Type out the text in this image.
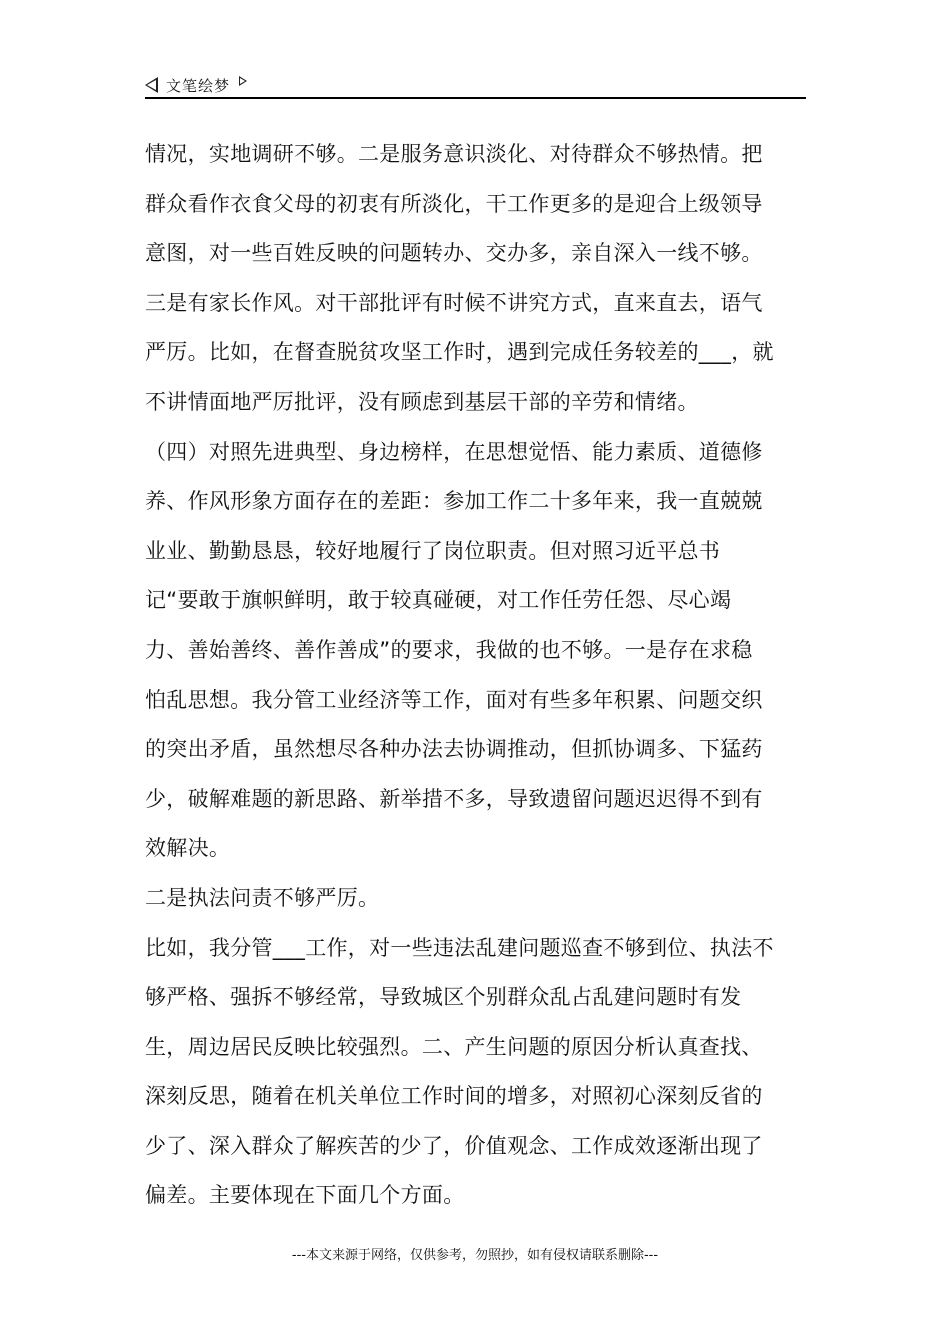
文笔绘梦
情况，实地调研不够。二是服务意识淡化、对待群众不够热情。把
群众看作衣食父母的初衷有所淡化，干工作更多的是迎合上级领导
意图，对一些百姓反映的问题转办、交办多，亲自深入一线不够。
三是有家长作风。对干部批评有时候不讲究方式，直来直去，语气
严厉。比如，在督查脱贫攻坚工作时，遇到完成任务较差的___，就
不讲情面地严厉批评，没有顾虑到基层干部的辛劳和情绪。
（四）对照先进典型、身边榜样，在思想觉悟、能力素质、道德修
养、作风形象方面存在的差距：参加工作二十多年来，我一直兢兢
业业、勤勤恳恳，较好地履行了岗位职责。但对照习近平总书
记“要敢于旗帜鲜明，敢于较真碰硬，对工作任劳任怨、尽心竭
力、善始善终、善作善成”的要求，我做的也不够。一是存在求稳
怕乱思想。我分管工业经济等工作，面对有些多年积累、问题交织
的突出矛盾，虽然想尽各种办法去协调推动，但抓协调多、下猛药
少，破解难题的新思路、新举措不多，导致遗留问题迟迟得不到有
效解决。
二是执法问责不够严厉。
比如，我分管___工作，对一些违法乱建问题巡查不够到位、执法不
够严格、强拆不够经常，导致城区个别群众乱占乱建问题时有发
生，周边居民反映比较强烈。二、产生问题的原因分析认真查找、
深刻反思，随着在机关单位工作时间的增多，对照初心深刻反省的
少了、深入群众了解疾苦的少了，价值观念、工作成效逐渐出现了
偏差。主要体现在下面几个方面。
---本文来源于网络，仅供参考，勿照抄，如有侵权请联系删除---
